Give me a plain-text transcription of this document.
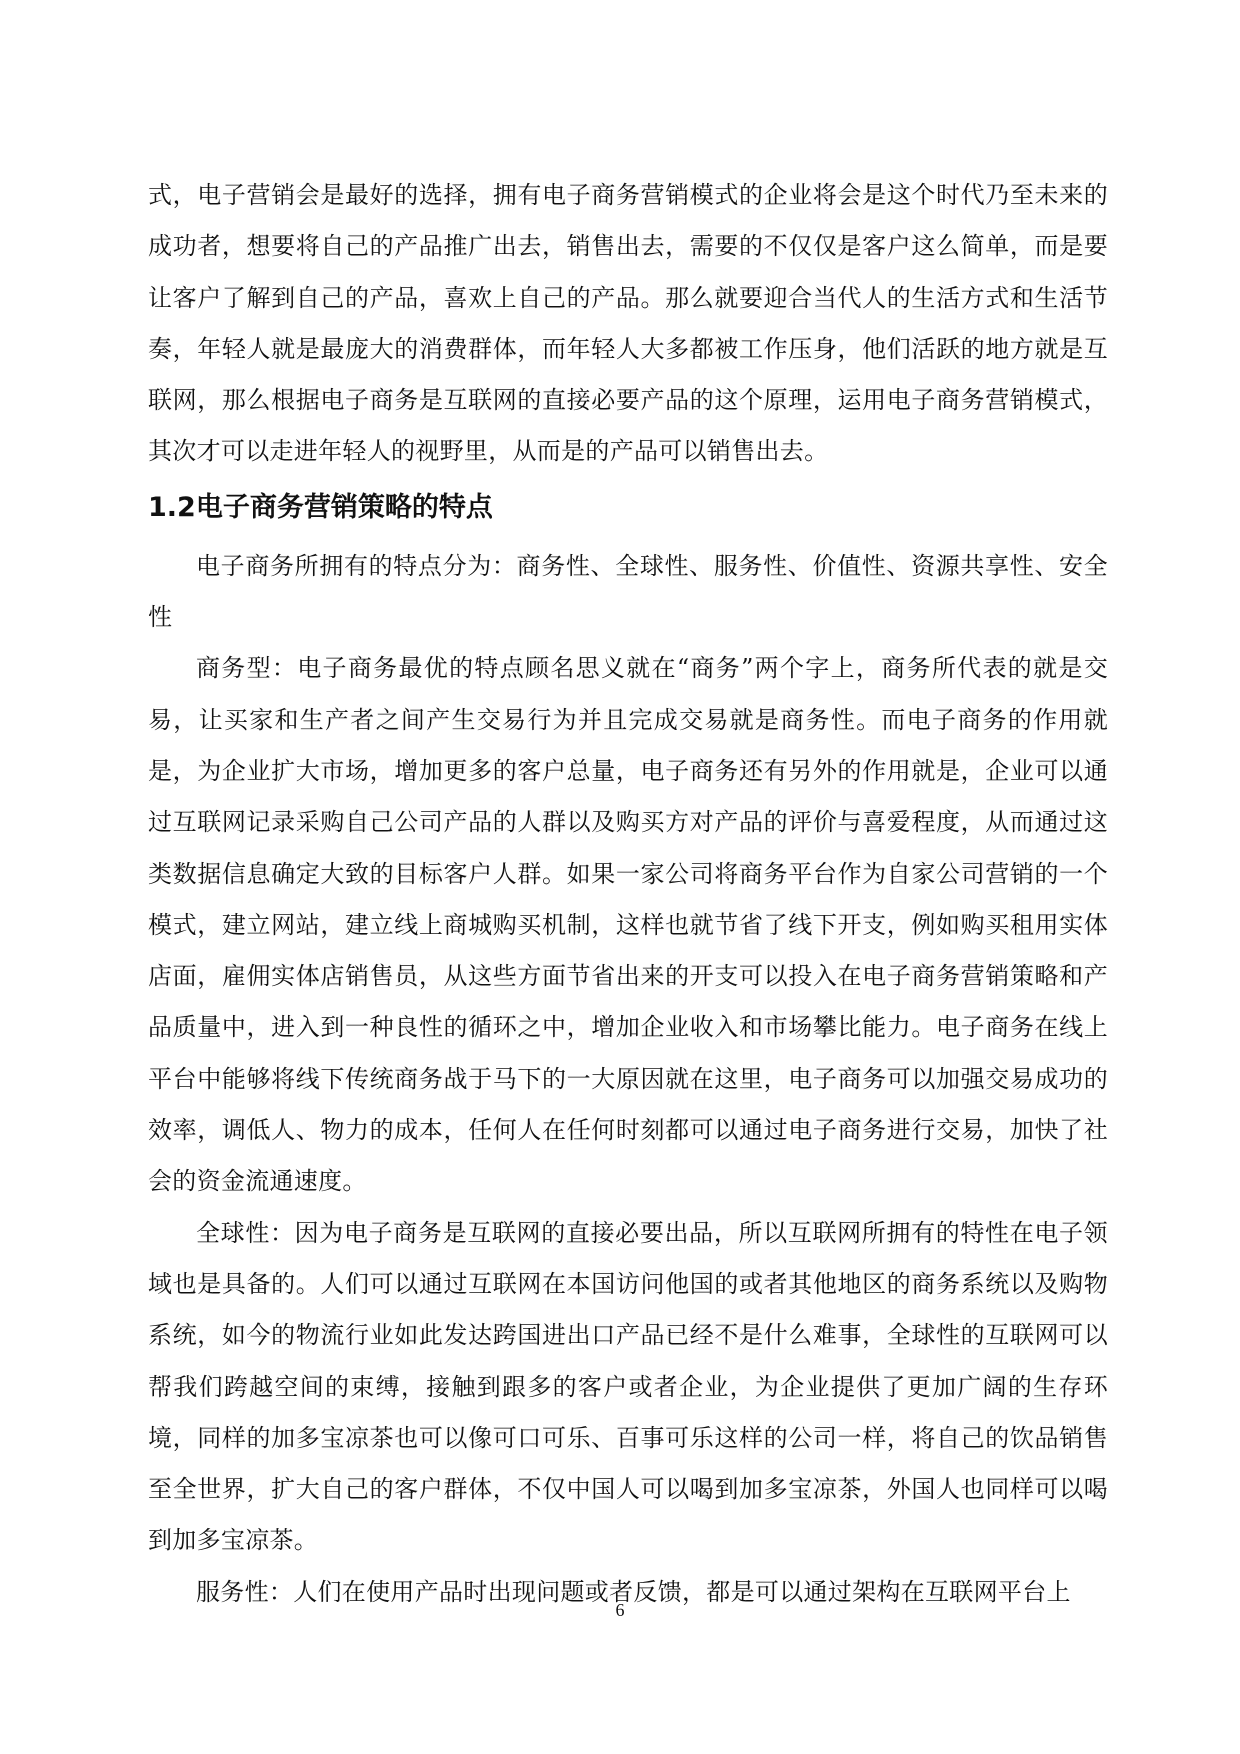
式，电子营销会是最好的选择，拥有电子商务营销模式的企业将会是这个时代乃至未来的成功者，想要将自己的产品推广出去，销售出去，需要的不仅仅是客户这么简单，而是要让客户了解到自己的产品，喜欢上自己的产品。那么就要迎合当代人的生活方式和生活节奏，年轻人就是最庞大的消费群体，而年轻人大多都被工作压身，他们活跃的地方就是互联网，那么根据电子商务是互联网的直接必要产品的这个原理，运用电子商务营销模式，其次才可以走进年轻人的视野里，从而是的产品可以销售出去。

1.2电子商务营销策略的特点

电子商务所拥有的特点分为：商务性、全球性、服务性、价值性、资源共享性、安全性

商务型：电子商务最优的特点顾名思义就在“商务”两个字上，商务所代表的就是交易，让买家和生产者之间产生交易行为并且完成交易就是商务性。而电子商务的作用就是，为企业扩大市场，增加更多的客户总量，电子商务还有另外的作用就是，企业可以通过互联网记录采购自己公司产品的人群以及购买方对产品的评价与喜爱程度，从而通过这类数据信息确定大致的目标客户人群。如果一家公司将商务平台作为自家公司营销的一个模式，建立网站，建立线上商城购买机制，这样也就节省了线下开支，例如购买租用实体店面，雇佣实体店销售员，从这些方面节省出来的开支可以投入在电子商务营销策略和产品质量中，进入到一种良性的循环之中，增加企业收入和市场攀比能力。电子商务在线上平台中能够将线下传统商务战于马下的一大原因就在这里，电子商务可以加强交易成功的效率，调低人、物力的成本，任何人在任何时刻都可以通过电子商务进行交易，加快了社会的资金流通速度。

全球性：因为电子商务是互联网的直接必要出品，所以互联网所拥有的特性在电子领域也是具备的。人们可以通过互联网在本国访问他国的或者其他地区的商务系统以及购物系统，如今的物流行业如此发达跨国进出口产品已经不是什么难事，全球性的互联网可以帮我们跨越空间的束缚，接触到跟多的客户或者企业，为企业提供了更加广阔的生存环境，同样的加多宝凉茶也可以像可口可乐、百事可乐这样的公司一样，将自己的饮品销售至全世界，扩大自己的客户群体，不仅中国人可以喝到加多宝凉茶，外国人也同样可以喝到加多宝凉茶。

服务性：人们在使用产品时出现问题或者反馈，都是可以通过架构在互联网平台上

6
